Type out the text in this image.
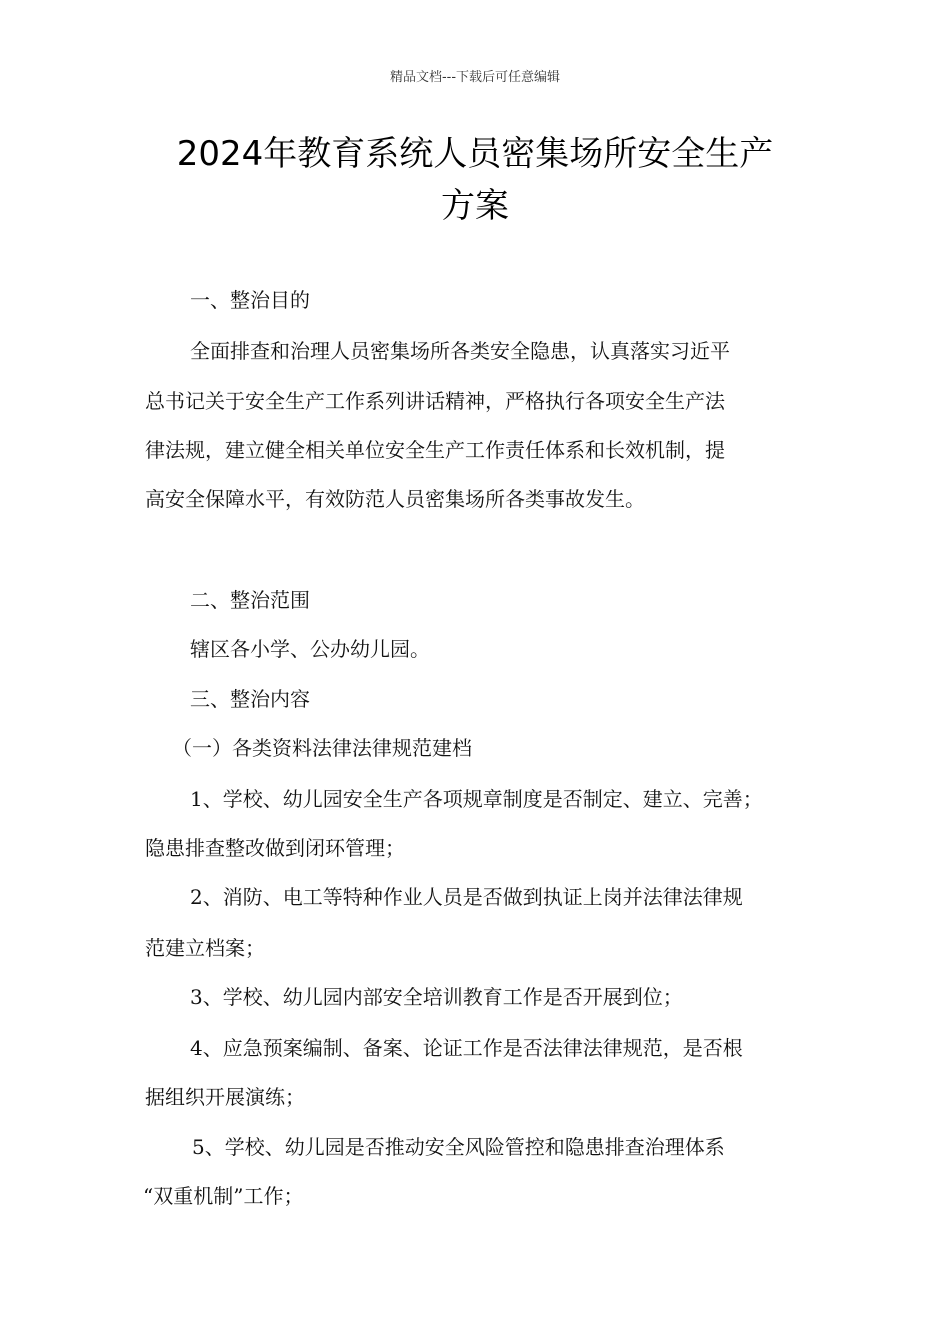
精品文档---下载后可任意编辑
2024年教育系统人员密集场所安全生产
方案

一、整治目的

全面排查和治理人员密集场所各类安全隐患，认真落实习近平

总书记关于安全生产工作系列讲话精神，严格执行各项安全生产法

律法规，建立健全相关单位安全生产工作责任体系和长效机制，提

高安全保障水平，有效防范人员密集场所各类事故发生。

二、整治范围

辖区各小学、公办幼儿园。

三、整治内容

（一）各类资料法律法律规范建档

1、学校、幼儿园安全生产各项规章制度是否制定、建立、完善；

隐患排查整改做到闭环管理；

2、消防、电工等特种作业人员是否做到执证上岗并法律法律规

范建立档案；

3、学校、幼儿园内部安全培训教育工作是否开展到位；

4、应急预案编制、备案、论证工作是否法律法律规范，是否根

据组织开展演练；

5、学校、幼儿园是否推动安全风险管控和隐患排查治理体系

“双重机制”工作；
